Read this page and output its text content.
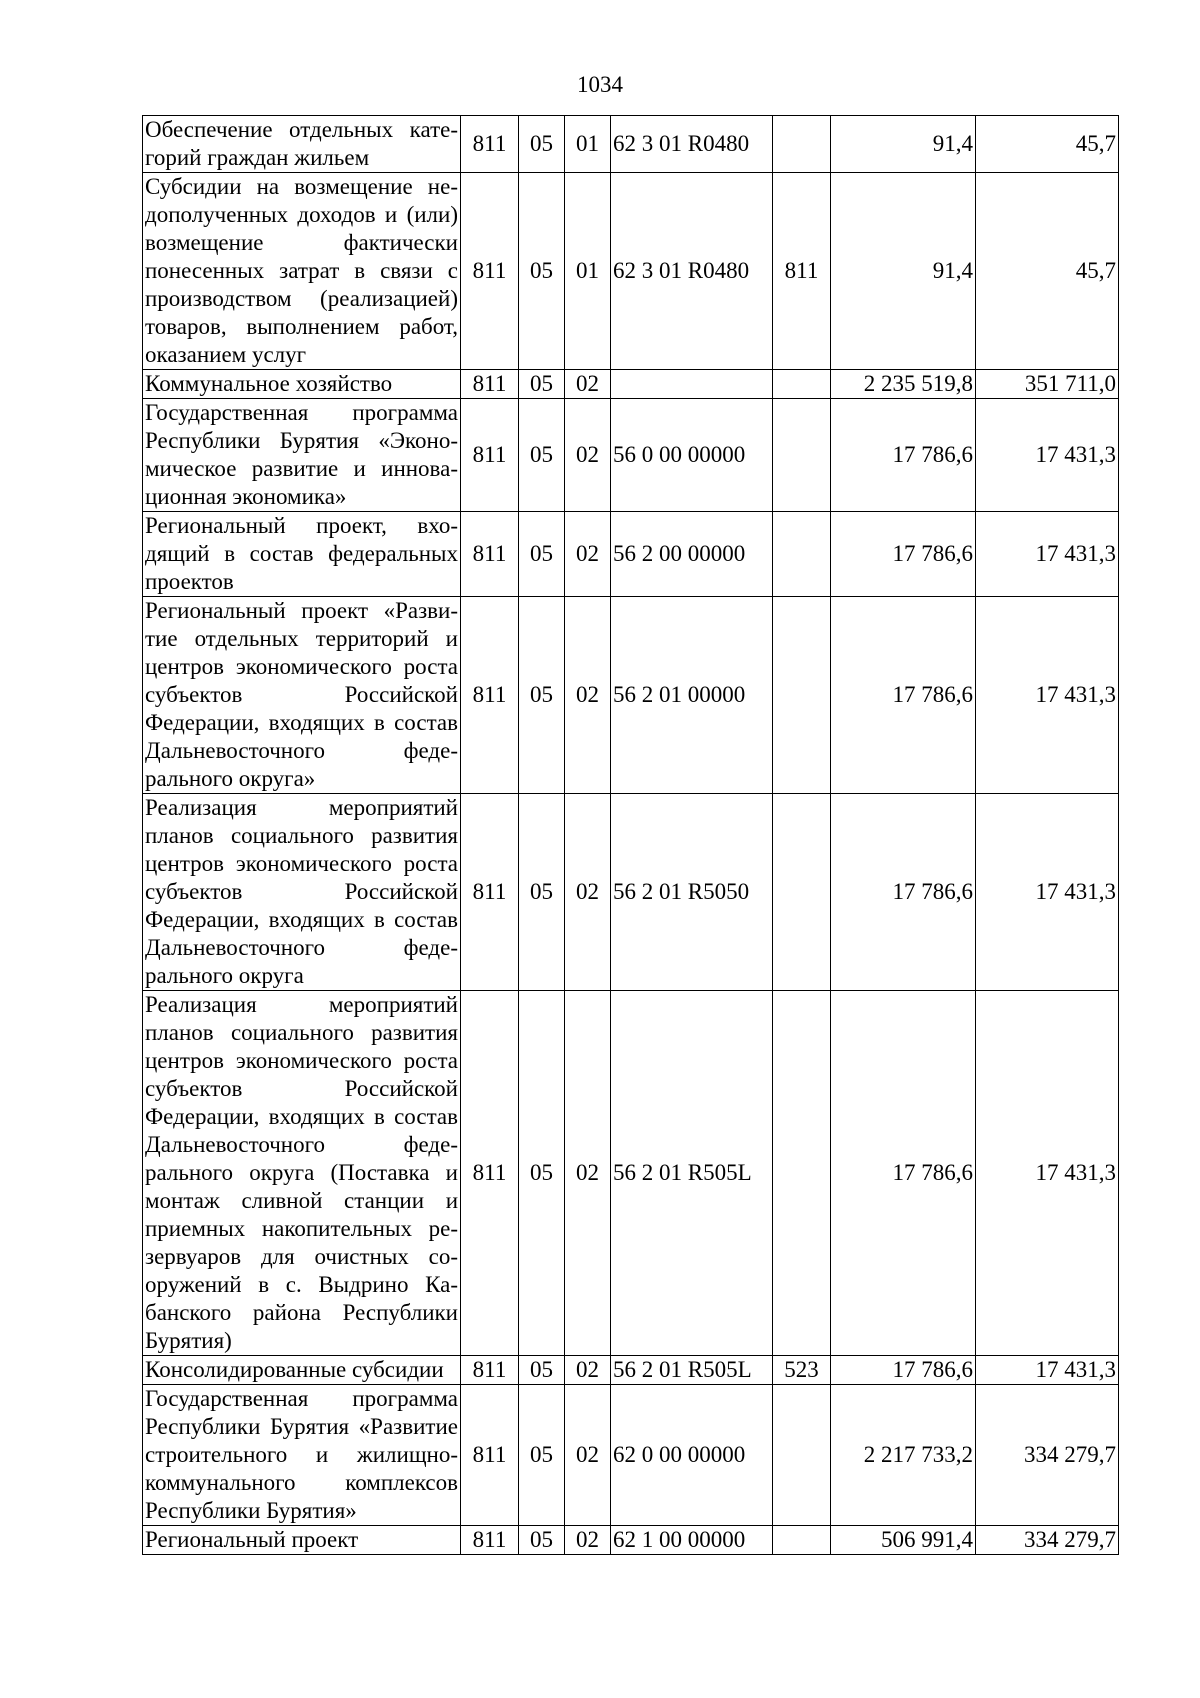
1034
Обеспечение отдельных категорий граждан жильем	811	05	01	62 3 01 R0480		91,4	45,7
Субсидии на возмещение недополученных доходов и (или) возмещение фактически понесенных затрат в связи с производством (реализацией) товаров, выполнением работ, оказанием услуг	811	05	01	62 3 01 R0480	811	91,4	45,7
Коммунальное хозяйство	811	05	02			2 235 519,8	351 711,0
Государственная программа Республики Бурятия «Экономическое развитие и инновационная экономика»	811	05	02	56 0 00 00000		17 786,6	17 431,3
Региональный проект, входящий в состав федеральных проектов	811	05	02	56 2 00 00000		17 786,6	17 431,3
Региональный проект «Развитие отдельных территорий и центров экономического роста субъектов Российской Федерации, входящих в состав Дальневосточного федерального округа»	811	05	02	56 2 01 00000		17 786,6	17 431,3
Реализация мероприятий планов социального развития центров экономического роста субъектов Российской Федерации, входящих в состав Дальневосточного федерального округа	811	05	02	56 2 01 R5050		17 786,6	17 431,3
Реализация мероприятий планов социального развития центров экономического роста субъектов Российской Федерации, входящих в состав Дальневосточного федерального округа (Поставка и монтаж сливной станции и приемных накопительных резервуаров для очистных сооружений в с. Выдрино Кабанского района Республики Бурятия)	811	05	02	56 2 01 R505L		17 786,6	17 431,3
Консолидированные субсидии	811	05	02	56 2 01 R505L	523	17 786,6	17 431,3
Государственная программа Республики Бурятия «Развитие строительного и жилищно-коммунального комплексов Республики Бурятия»	811	05	02	62 0 00 00000		2 217 733,2	334 279,7
Региональный проект	811	05	02	62 1 00 00000		506 991,4	334 279,7
